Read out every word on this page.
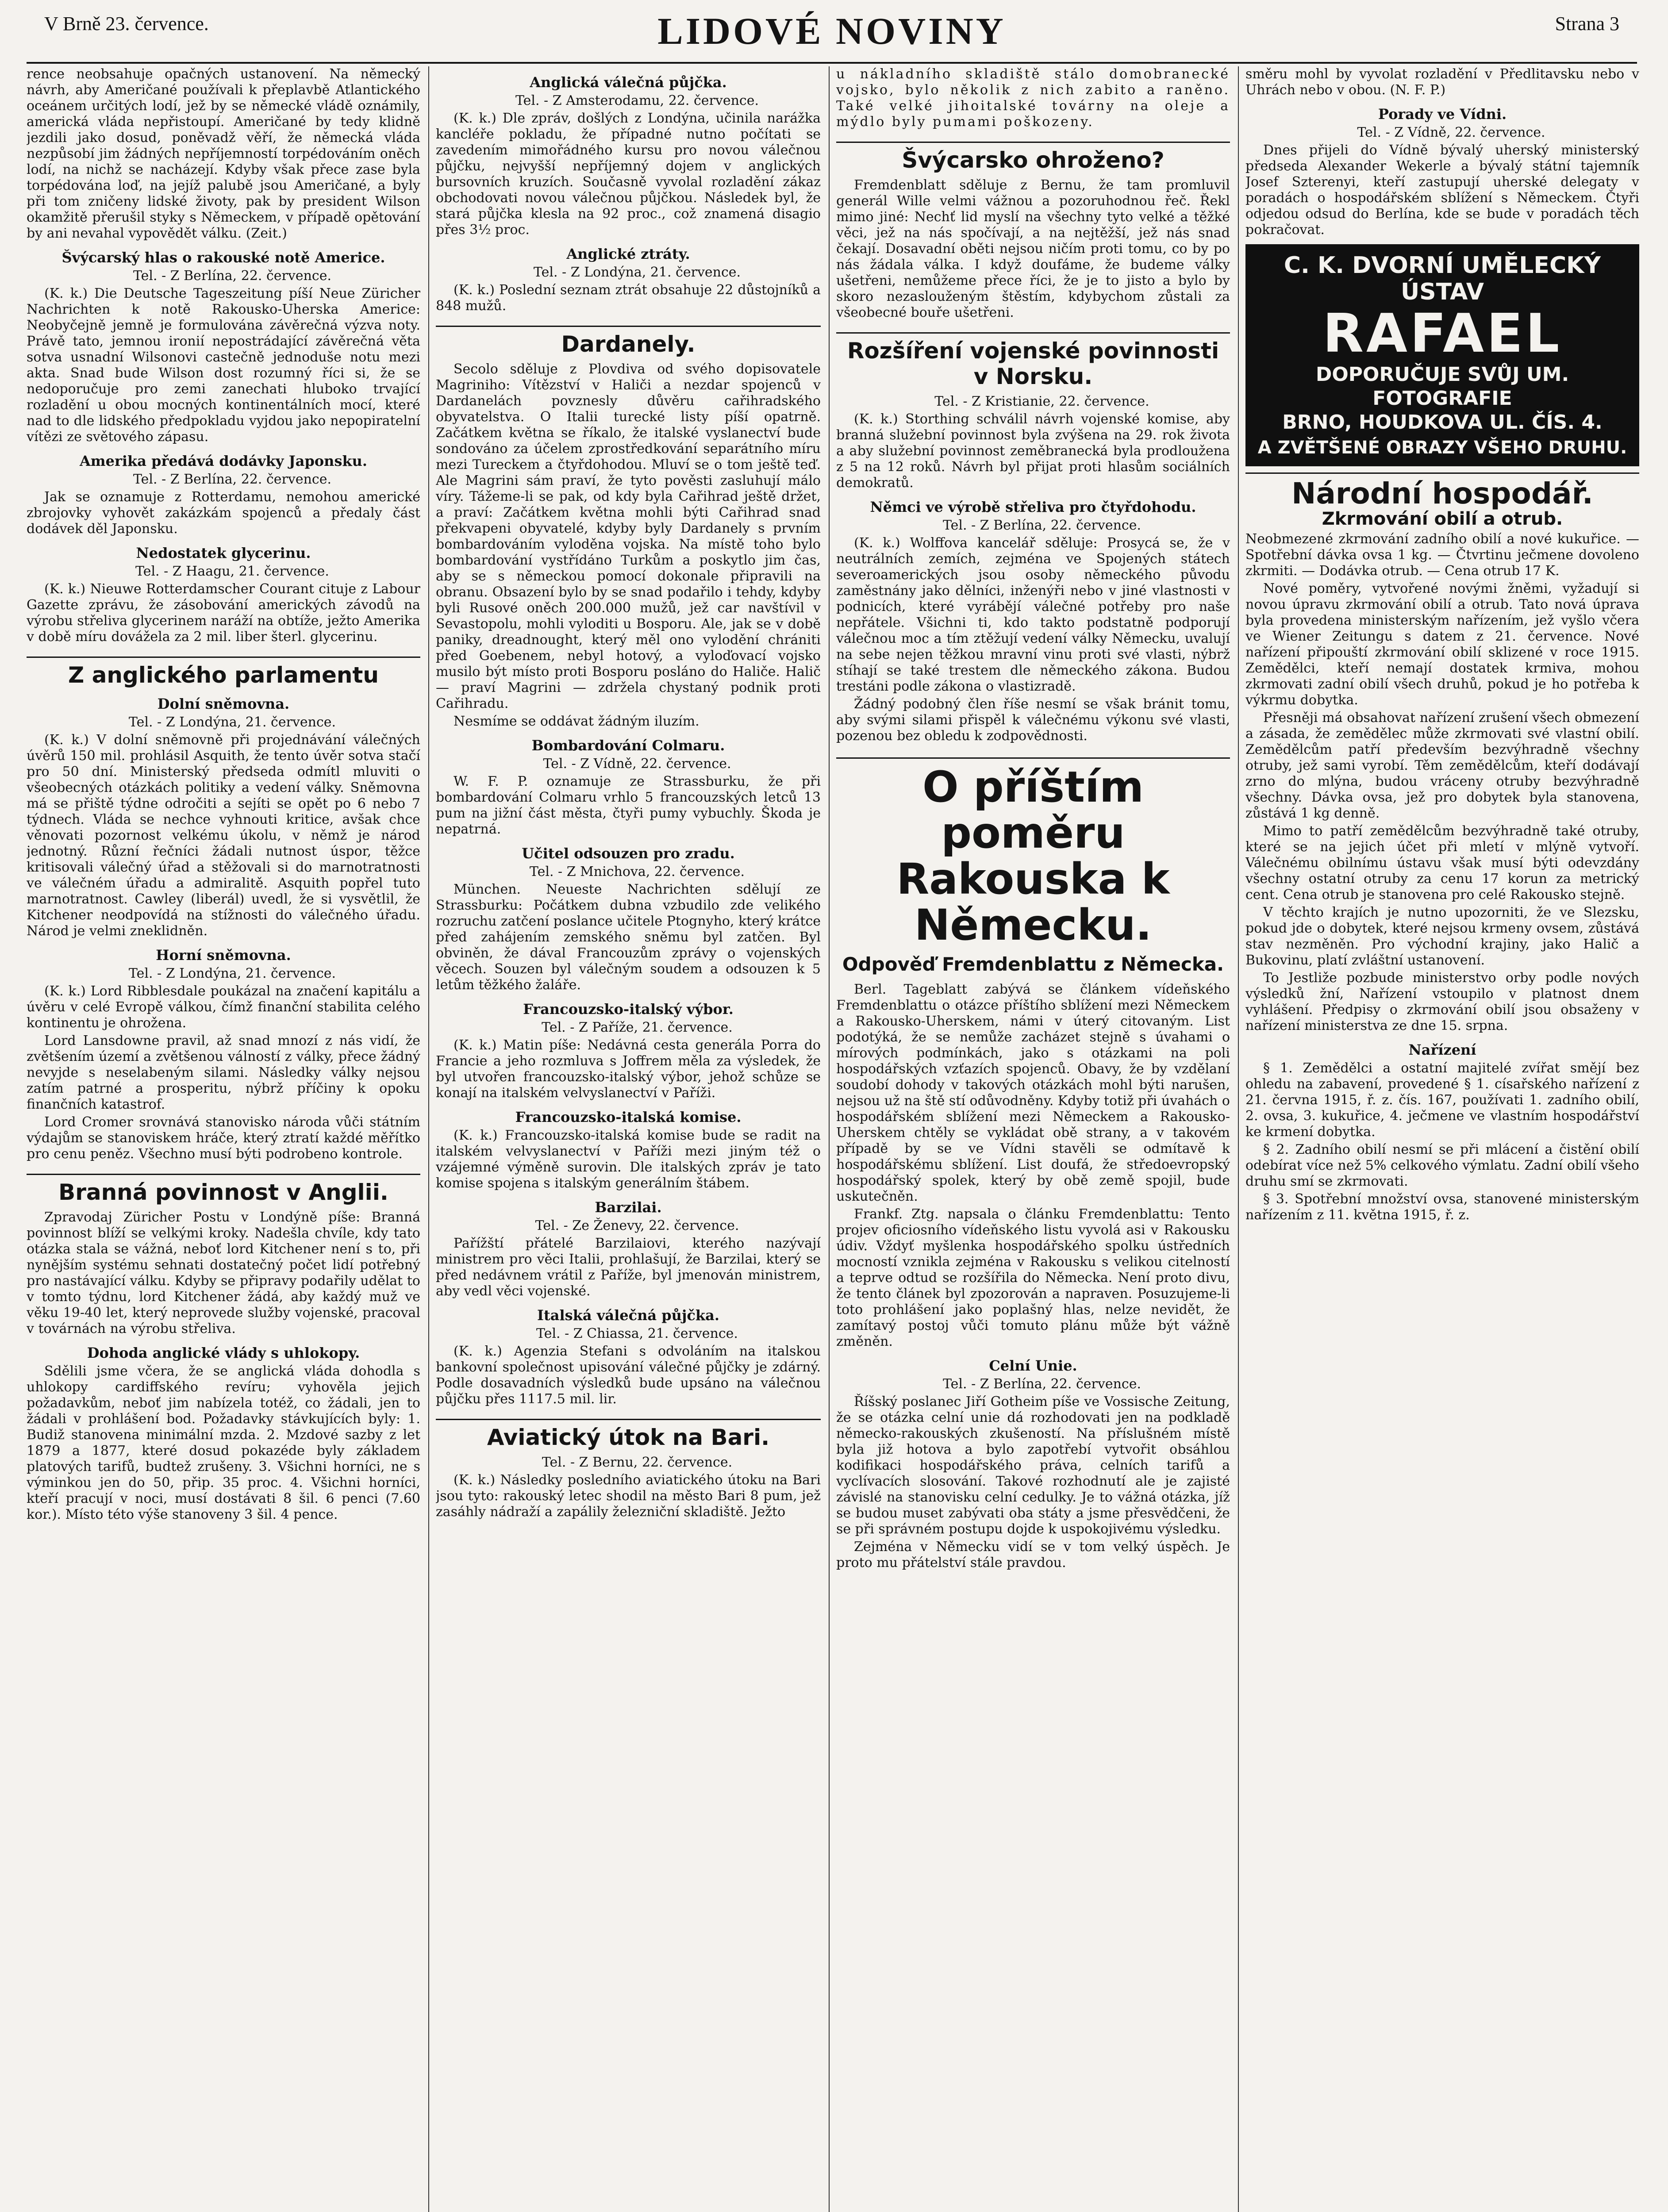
V Brně 23. července.	LIDOVÉ NOVINY	Strana 3

rence neobsahuje opačných ustanovení. Na německý návrh, aby Američané používali k přeplavbě Atlantického oceánem určitých lodí, jež by se německé vládě oznámily, americká vláda nepřistoupí. Američané by tedy klidně jezdili jako dosud, poněvadž věří, že německá vláda nezpůsobí jim žádných nepříjemností torpédováním oněch lodí, na nichž se nacházejí. Kdyby však přece zase byla torpédována loď, na jejíž palubě jsou Američané, a byly při tom zničeny lidské životy, pak by president Wilson okamžitě přerušil styky s Německem, v případě opětování by ani nevahal vypovědět válku. (Zeit.)

Švýcarský hlas o rakouské notě Americe.

Tel. - Z Berlína, 22. července.

(K. k.) Die Deutsche Tageszeitung píší Neue Züricher Nachrichten k notě Rakousko-Uherska Americe: Neobyčejně jemně je formulována závěrečná výzva noty. Právě tato, jemnou ironií nepostrádající závěrečná věta sotva usnadní Wilsonovi castečně jednoduše notu mezi akta. Snad bude Wilson dost rozumný říci si, že se nedoporučuje pro zemi zanechati hluboko trvající rozladění u obou mocných kontinentálních mocí, které nad to dle lidského předpokladu vyjdou jako nepopiratelní vítězi ze světového zápasu.

Amerika předává dodávky Japonsku.

Tel. - Z Berlína, 22. července.

Jak se oznamuje z Rotterdamu, nemohou americké zbrojovky vyhovět zakázkám spojenců a předaly část dodávek děl Japonsku.

Nedostatek glycerinu.

Tel. - Z Haagu, 21. července.

(K. k.) Nieuwe Rotterdamscher Courant cituje z Labour Gazette zprávu, že zásobování amerických závodů na výrobu střeliva glycerinem naráží na obtíže, ježto Amerika v době míru dovážela za 2 mil. liber šterl. glycerinu.

Z anglického parlamentu
Dolní sněmovna.

Tel. - Z Londýna, 21. července.

(K. k.) V dolní sněmovně při projednávání válečných úvěrů 150 mil. prohlásil Asquith, že tento úvěr sotva stačí pro 50 dní. Ministerský předseda odmítl mluviti o všeobecných otázkách politiky a vedení války. Sněmovna má se přiště týdne odročiti a sejíti se opět po 6 nebo 7 týdnech. Vláda se nechce vyhnouti kritice, avšak chce věnovati pozornost velkému úkolu, v němž je národ jednotný. Různí řečníci žádali nutnost úspor, těžce kritisovali válečný úřad a stěžovali si do marnotratnosti ve válečném úřadu a admiralitě. Asquith popřel tuto marnotratnost. Cawley (liberál) uvedl, že si vysvětlil, že Kitchener neodpovídá na stížnosti do válečného úřadu. Národ je velmi zneklidněn.

Horní sněmovna.

Tel. - Z Londýna, 21. července.

(K. k.) Lord Ribblesdale poukázal na značení kapitálu a úvěru v celé Evropě válkou, čímž finanční stabilita celého kontinentu je ohrožena.

Lord Lansdowne pravil, až snad mnozí z nás vidí, že zvětšením území a zvětšenou válností z války, přece žádný nevyjde s neselabeným silami. Následky války nejsou zatím patrné a prosperitu, nýbrž příčiny k opoku finančních katastrof.

Lord Cromer srovnává stanovisko národa vůči státním výdajům se stanoviskem hráče, který ztratí každé měřítko pro cenu peněz. Všechno musí býti podrobeno kontrole.

Branná povinnost v Anglii.

Zpravodaj Züricher Postu v Londýně píše: Branná povinnost blíží se velkými kroky. Nadešla chvíle, kdy tato otázka stala se vážná, neboť lord Kitchener není s to, při nynějším systému sehnati dostatečný počet lidí potřebný pro nastávající válku. Kdyby se připravy podařily udělat to v tomto týdnu, lord Kitchener žádá, aby každý muž ve věku 19-40 let, který neprovede služby vojenské, pracoval v továrnách na výrobu střeliva.

Dohoda anglické vlády s uhlokopy.

Sdělili jsme včera, že se anglická vláda dohodla s uhlokopy cardiffského revíru; vyhověla jejich požadavkům, neboť jim nabízela totéž, co žádali, jen to žádali v prohlášení bod. Požadavky stávkujících byly: 1. Budiž stanovena minimální mzda. 2. Mzdové sazby z let 1879 a 1877, které dosud pokazéde byly základem platových tarifů, budtež zrušeny. 3. Všichni horníci, ne s výminkou jen do 50, přip. 35 proc. 4. Všichni horníci, kteří pracují v noci, musí dostávati 8 šil. 6 penci (7.60 kor.). Místo této výše stanoveny 3 šil. 4 pence.

Anglická válečná půjčka.

Tel. - Z Amsterodamu, 22. července.

(K. k.) Dle zpráv, došlých z Londýna, učinila narážka kancléře pokladu, že případné nutno počítati se zavedením mimořádného kursu pro novou válečnou půjčku, nejvyšší nepříjemný dojem v anglických bursovních kruzích. Současně vyvolal rozladění zákaz obchodovati novou válečnou půjčkou. Následek byl, že stará půjčka klesla na 92 proc., což znamená disagio přes 3½ proc.

Anglické ztráty.

Tel. - Z Londýna, 21. července.

(K. k.) Poslední seznam ztrát obsahuje 22 důstojníků a 848 mužů.

Dardanely.

Secolo sděluje z Plovdiva od svého dopisovatele Magriniho: Vítězství v Haliči a nezdar spojenců v Dardanelách povznesly důvěru cařihradského obyvatelstva. O Italii turecké listy píší opatrně. Začátkem května se říkalo, že italské vyslanectví bude sondováno za účelem zprostředkování separátního míru mezi Tureckem a čtyřdohodou. Mluví se o tom ještě teď. Ale Magrini sám praví, že tyto pověsti zasluhují málo víry. Tážeme-li se pak, od kdy byla Cařihrad ještě držet, a praví: Začátkem května mohli býti Cařihrad snad překvapeni obyvatelé, kdyby byly Dardanely s prvním bombardováním vyloděna vojska. Na místě toho bylo bombardování vystřídáno Turkům a poskytlo jim čas, aby se s německou pomocí dokonale připravili na obranu. Obsazení bylo by se snad podařilo i tehdy, kdyby byli Rusové oněch 200.000 mužů, jež car navštívil v Sevastopolu, mohli vyloditi u Bosporu. Ale, jak se v době paniky, dreadnought, který měl ono vylodění chrániti před Goebenem, nebyl hotový, a vyloďovací vojsko musilo být místo proti Bosporu posláno do Haliče. Halič — praví Magrini — zdržela chystaný podnik proti Cařihradu.

Nesmíme se oddávat žádným iluzím.

Bombardování Colmaru.

Tel. - Z Vídně, 22. července.

W. F. P. oznamuje ze Strassburku, že při bombardování Colmaru vrhlo 5 francouzských letců 13 pum na jižní část města, čtyři pumy vybuchly. Škoda je nepatrná.

Učitel odsouzen pro zradu.

Tel. - Z Mnichova, 22. července.

München. Neueste Nachrichten sdělují ze Strassburku: Počátkem dubna vzbudilo zde velikého rozruchu zatčení poslance učitele Ptognyho, který krátce před zahájením zemského sněmu byl zatčen. Byl obviněn, že dával Francouzům zprávy o vojenských věcech. Souzen byl válečným soudem a odsouzen k 5 letům těžkého žaláře.

Francouzsko-italský výbor.

Tel. - Z Paříže, 21. července.

(K. k.) Matin píše: Nedávná cesta generála Porra do Francie a jeho rozmluva s Joffrem měla za výsledek, že byl utvořen francouzsko-italský výbor, jehož schůze se konají na italském velvyslanectví v Paříži.

Francouzsko-italská komise.

(K. k.) Francouzsko-italská komise bude se radit na italském velvyslanectví v Paříži mezi jiným též o vzájemné výměně surovin. Dle italských zpráv je tato komise spojena s italským generálním štábem.

Barzilai.

Tel. - Ze Ženevy, 22. července.

Pařížští přátelé Barzilaiovi, kterého nazývají ministrem pro věci Italii, prohlašují, že Barzilai, který se před nedávnem vrátil z Paříže, byl jmenován ministrem, aby vedl věci vojenské.

Italská válečná půjčka.

Tel. - Z Chiassa, 21. července.

(K. k.) Agenzia Stefani s odvoláním na italskou bankovní společnost upisování válečné půjčky je zdárný. Podle dosavadních výsledků bude upsáno na válečnou půjčku přes 1117.5 mil. lir.

Aviatický útok na Bari.

Tel. - Z Bernu, 22. července.

(K. k.) Následky posledního aviatického útoku na Bari jsou tyto: rakouský letec shodil na město Bari 8 pum, jež zasáhly nádraží a zapálily železniční skladiště. Ježto

u nákladního skladiště stálo domobranecké vojsko, bylo několik z nich zabito a raněno. Také velké jihoitalské továrny na oleje a mýdlo byly pumami poškozeny.

Švýcarsko ohroženo?

Fremdenblatt sděluje z Bernu, že tam promluvil generál Wille velmi vážnou a pozoruhodnou řeč. Řekl mimo jiné: Nechť lid myslí na všechny tyto velké a těžké věci, jež na nás spočívají, a na nejtěžší, jež nás snad čekají. Dosavadní oběti nejsou ničím proti tomu, co by po nás žádala válka. I když doufáme, že budeme války ušetřeni, nemůžeme přece říci, že je to jisto a bylo by skoro nezaslouženým štěstím, kdybychom zůstali za všeobecné bouře ušetřeni.

Rozšíření vojenské povinnosti v Norsku.

Tel. - Z Kristianie, 22. července.

(K. k.) Storthing schválil návrh vojenské komise, aby branná služební povinnost byla zvýšena na 29. rok života a aby služební povinnost zeměbranecká byla prodloužena z 5 na 12 roků. Návrh byl přijat proti hlasům sociálních demokratů.

Němci ve výrobě střeliva pro čtyřdohodu.

Tel. - Z Berlína, 22. července.

(K. k.) Wolffova kancelář sděluje: Prosycá se, že v neutrálních zemích, zejména ve Spojených státech severoamerických jsou osoby německého původu zaměstnány jako dělníci, inženýři nebo v jiné vlastnosti v podnicích, které vyrábějí válečné potřeby pro naše nepřátele. Všichni ti, kdo takto podstatně podporují válečnou moc a tím ztěžují vedení války Německu, uvalují na sebe nejen těžkou mravní vinu proti své vlasti, nýbrž stíhají se také trestem dle německého zákona. Budou trestáni podle zákona o vlastizradě.

Žádný podobný člen říše nesmí se však bránit tomu, aby svými silami přispěl k válečnému výkonu své vlasti, pozenou bez obledu k zodpovědnosti.

O příštím poměru Rakouska k Německu.
Odpověď Fremdenblattu z Německa.

Berl. Tageblatt zabývá se článkem vídeňského Fremdenblattu o otázce příštího sblížení mezi Německem a Rakousko-Uherskem, námi v úterý citovaným. List podotýká, že se nemůže zacházet stejně s úvahami o mírových podmínkách, jako s otázkami na poli hospodářských vzťazích spojenců. Obavy, že by vzdělaní soudobí dohody v takových otázkách mohl býti narušen, nejsou už na ště stí odůvodněny. Kdyby totiž při úvahách o hospodářském sblížení mezi Německem a Rakousko-Uherskem chtěly se vykládat obě strany, a v takovém případě by se ve Vídni stavěli se odmítavě k hospodářskému sblížení. List doufá, že středoevropský hospodářský spolek, který by obě země spojil, bude uskutečněn.

Frankf. Ztg. napsala o článku Fremdenblattu: Tento projev oficiosního vídeňského listu vyvolá asi v Rakousku údiv. Vždyť myšlenka hospodářského spolku ústředních mocností vznikla zejména v Rakousku s velikou citelností a teprve odtud se rozšířila do Německa. Není proto divu, že tento článek byl zpozorován a napraven. Posuzujeme-li toto prohlášení jako poplašný hlas, nelze nevidět, že zamítavý postoj vůči tomuto plánu může být vážně změněn.

Celní Unie.

Tel. - Z Berlína, 22. července.

Říšský poslanec Jiří Gotheim píše ve Vossische Zeitung, že se otázka celní unie dá rozhodovati jen na podkladě německo-rakouských zkušeností. Na příslušném místě byla již hotova a bylo zapotřebí vytvořit obsáhlou kodifikaci hospodářského práva, celních tarifů a vyclívacích slosování. Takové rozhodnutí ale je zajisté závislé na stanovisku celní cedulky. Je to vážná otázka, jíž se budou muset zabývati oba státy a jsme přesvědčeni, že se při správném postupu dojde k uspokojivému výsledku.

Zejména v Německu vidí se v tom velký úspěch. Je proto mu přátelství stále pravdou.

směru mohl by vyvolat rozladění v Předlitavsku nebo v Uhrách nebo v obou. (N. F. P.)

Porady ve Vídni.

Tel. - Z Vídně, 22. července.

Dnes přijeli do Vídně bývalý uherský ministerský předseda Alexander Wekerle a bývalý státní tajemník Josef Szterenyi, kteří zastupují uherské delegaty v poradách o hospodářském sblížení s Německem. Čtyři odjedou odsud do Berlína, kde se bude v poradách těch pokračovat.

C. K. DVORNÍ UMĚLECKÝ ÚSTAV
RAFAEL
DOPORUČUJE SVŮJ UM. FOTOGRAFIE
BRNO, HOUDKOVA UL. ČÍS. 4.
A ZVĚTŠENÉ OBRAZY VŠEHO DRUHU.
Národní hospodář.
Zkrmování obilí a otrub.

Neobmezené zkrmování zadního obilí a nové kukuřice. — Spotřební dávka ovsa 1 kg. — Čtvrtinu ječmene dovoleno zkrmiti. — Dodávka otrub. — Cena otrub 17 K.

Nové poměry, vytvořené novými žněmi, vyžadují si novou úpravu zkrmování obilí a otrub. Tato nová úprava byla provedena ministerským nařízením, jež vyšlo včera ve Wiener Zeitungu s datem z 21. července. Nové nařízení připouští zkrmování obilí sklizené v roce 1915. Zemědělci, kteří nemají dostatek krmiva, mohou zkrmovati zadní obilí všech druhů, pokud je ho potřeba k výkrmu dobytka.

Přesněji má obsahovat nařízení zrušení všech obmezení a zásada, že zemědělec může zkrmovati své vlastní obilí. Zemědělcům patří především bezvýhradně všechny otruby, jež sami vyrobí. Těm zemědělcům, kteří dodávají zrno do mlýna, budou vráceny otruby bezvýhradně všechny. Dávka ovsa, jež pro dobytek byla stanovena, zůstává 1 kg denně.

Mimo to patří zemědělcům bezvýhradně také otruby, které se na jejich účet při mletí v mlýně vytvoří. Válečnému obilnímu ústavu však musí býti odevzdány všechny ostatní otruby za cenu 17 korun za metrický cent. Cena otrub je stanovena pro celé Rakousko stejně.

V těchto krajích je nutno upozorniti, že ve Slezsku, pokud jde o dobytek, které nejsou krmeny ovsem, zůstává stav nezměněn. Pro východní krajiny, jako Halič a Bukovinu, platí zvláštní ustanovení.

To Jestliže pozbude ministerstvo orby podle nových výsledků žní, Nařízení vstoupilo v platnost dnem vyhlášení. Předpisy o zkrmování obilí jsou obsaženy v nařízení ministerstva ze dne 15. srpna.

Nařízení

§ 1. Zemědělci a ostatní majitelé zvířat smějí bez ohledu na zabavení, provedené § 1. císařského nařízení z 21. června 1915, ř. z. čís. 167, používati 1. zadního obilí, 2. ovsa, 3. kukuřice, 4. ječmene ve vlastním hospodářství ke krmení dobytka.

§ 2. Zadního obilí nesmí se při mlácení a čistění obilí odebírat více než 5% celkového výmlatu. Zadní obilí všeho druhu smí se zkrmovati.

§ 3. Spotřební množství ovsa, stanovené ministerským nařízením z 11. května 1915, ř. z.
